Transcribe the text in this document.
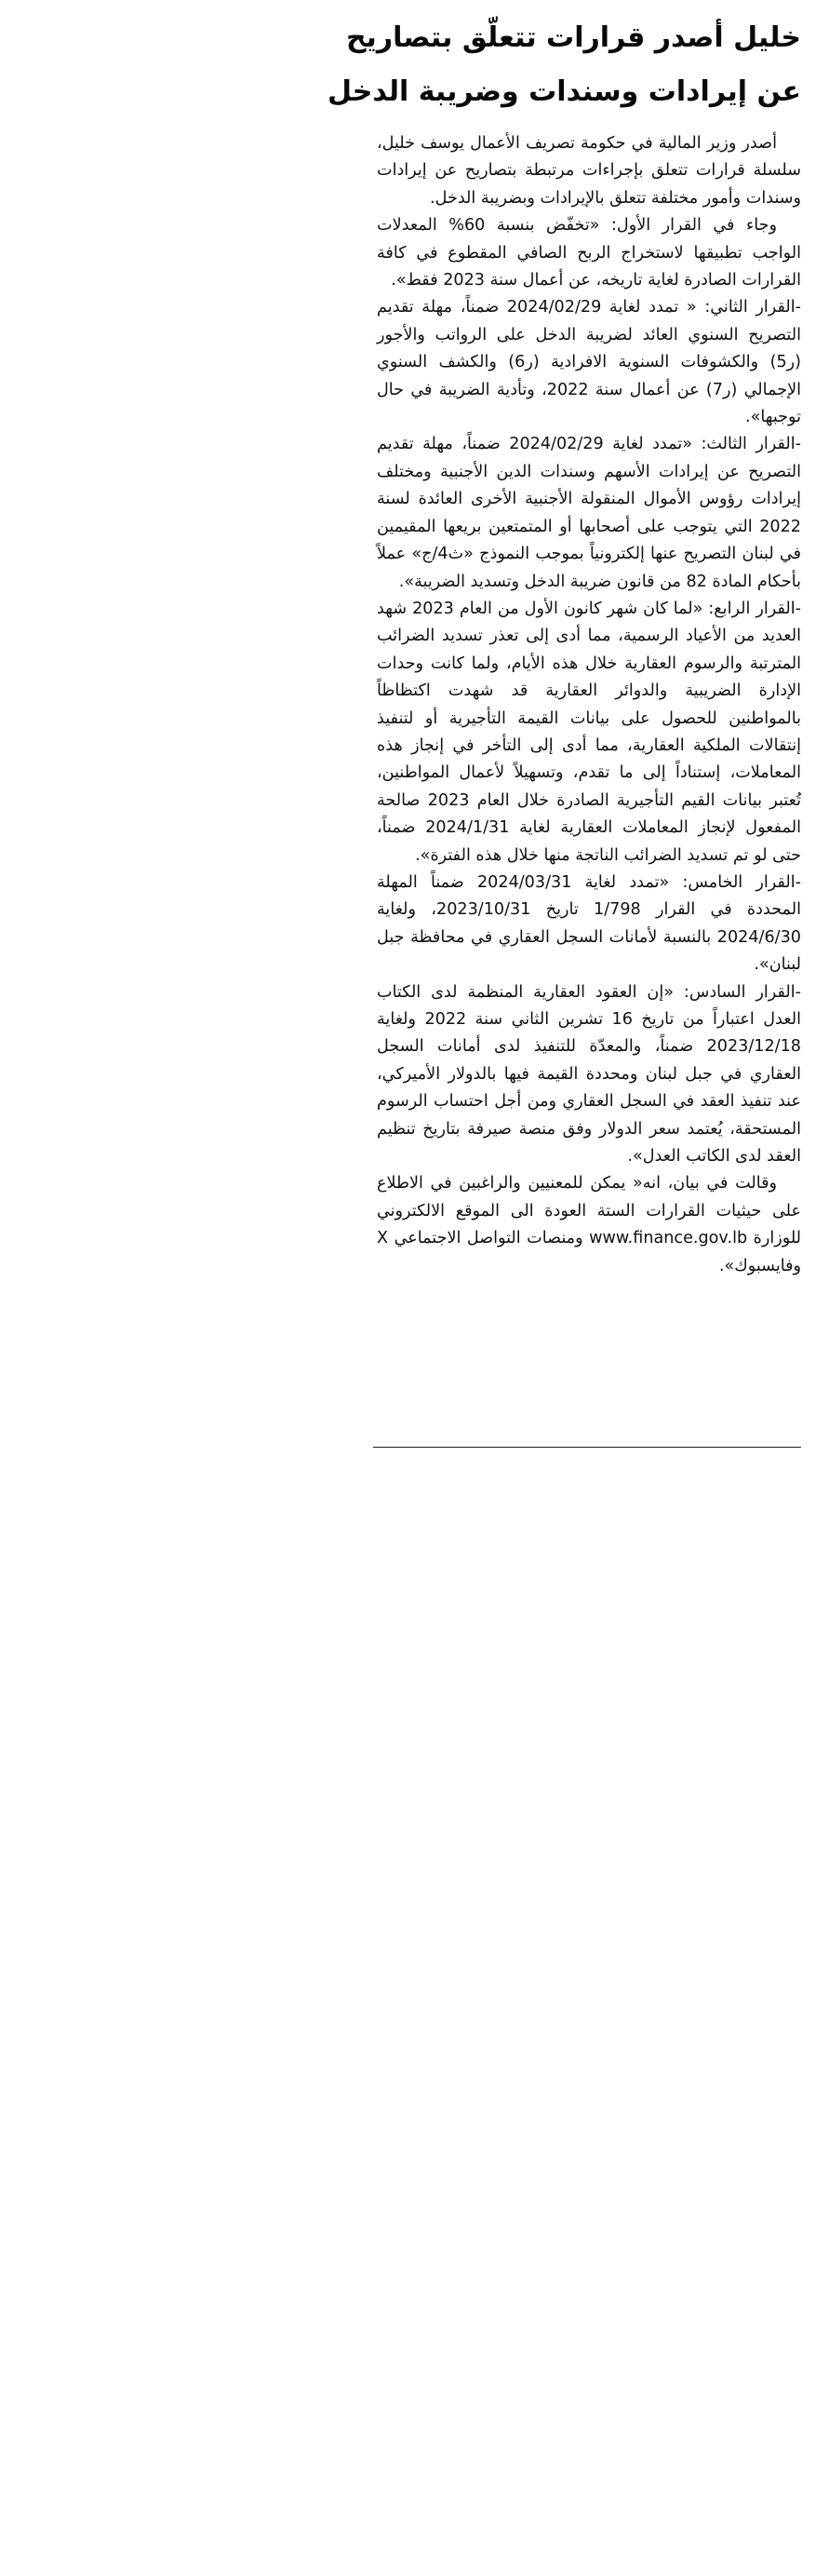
خليل أصدر قرارات تتعلّق بتصاريح
عن إيرادات وسندات وضريبة الدخل

أصدر وزير المالية في حكومة تصريف الأعمال يوسف خليل، سلسلة قرارات تتعلق بإجراءات مرتبطة بتصاريح عن إيرادات وسندات وأمور مختلفة تتعلق بالإيرادات وبضريبة الدخل.

وجاء في القرار الأول: «تخفّض بنسبة 60% المعدلات الواجب تطبيقها لاستخراج الربح الصافي المقطوع في كافة القرارات الصادرة لغاية تاريخه، عن أعمال سنة 2023 فقط».

-القرار الثاني: « تمدد لغاية 2024/02/29 ضمناً، مهلة تقديم التصريح السنوي العائد لضريبة الدخل على الرواتب والأجور (ر5) والكشوفات السنوية الافرادية (ر6) والكشف السنوي الإجمالي (ر7) عن أعمال سنة 2022، وتأدية الضريبة في حال توجبها».

-القرار الثالث: «تمدد لغاية 2024/02/29 ضمناً، مهلة تقديم التصريح عن إيرادات الأسهم وسندات الدين الأجنبية ومختلف إيرادات رؤوس الأموال المنقولة الأجنبية الأخرى العائدة لسنة 2022 التي يتوجب على أصحابها أو المتمتعين بريعها المقيمين في لبنان التصريح عنها إلكترونياً بموجب النموذج «ث4/ج» عملاً بأحكام المادة 82 من قانون ضريبة الدخل وتسديد الضريبة».

-القرار الرابع: «لما كان شهر كانون الأول من العام 2023 شهد العديد من الأعياد الرسمية، مما أدى إلى تعذر تسديد الضرائب المترتبة والرسوم العقارية خلال هذه الأيام، ولما كانت وحدات الإدارة الضريبية والدوائر العقارية قد شهدت اكتظاظاً بالمواطنين للحصول على بيانات القيمة التأجيرية أو لتنفيذ إنتقالات الملكية العقارية، مما أدى إلى التأخر في إنجاز هذه المعاملات، إستناداً إلى ما تقدم، وتسهيلاً لأعمال المواطنين، تُعتبر بيانات القيم التأجيرية الصادرة خلال العام 2023 صالحة المفعول لإنجاز المعاملات العقارية لغاية 2024/1/31 ضمناً، حتى لو تم تسديد الضرائب الناتجة منها خلال هذه الفترة».

-القرار الخامس: «تمدد لغاية 2024/03/31 ضمناً المهلة المحددة في القرار 1/798 تاريخ 2023/10/31، ولغاية 2024/6/30 بالنسبة لأمانات السجل العقاري في محافظة جبل لبنان».

-القرار السادس: «إن العقود العقارية المنظمة لدى الكتاب العدل اعتباراً من تاريخ 16 تشرين الثاني سنة 2022 ولغاية 2023/12/18 ضمناً، والمعدّة للتنفيذ لدى أمانات السجل العقاري في جبل لبنان ومحددة القيمة فيها بالدولار الأميركي، عند تنفيذ العقد في السجل العقاري ومن أجل احتساب الرسوم المستحقة، يُعتمد سعر الدولار وفق منصة صيرفة بتاريخ تنظيم العقد لدى الكاتب العدل».

وقالت في بيان، انه« يمكن للمعنيين والراغبين في الاطلاع على حيثيات القرارات الستة العودة الى الموقع الالكتروني للوزارة www.finance.gov.lb ومنصات التواصل الاجتماعي X وفايسبوك».
